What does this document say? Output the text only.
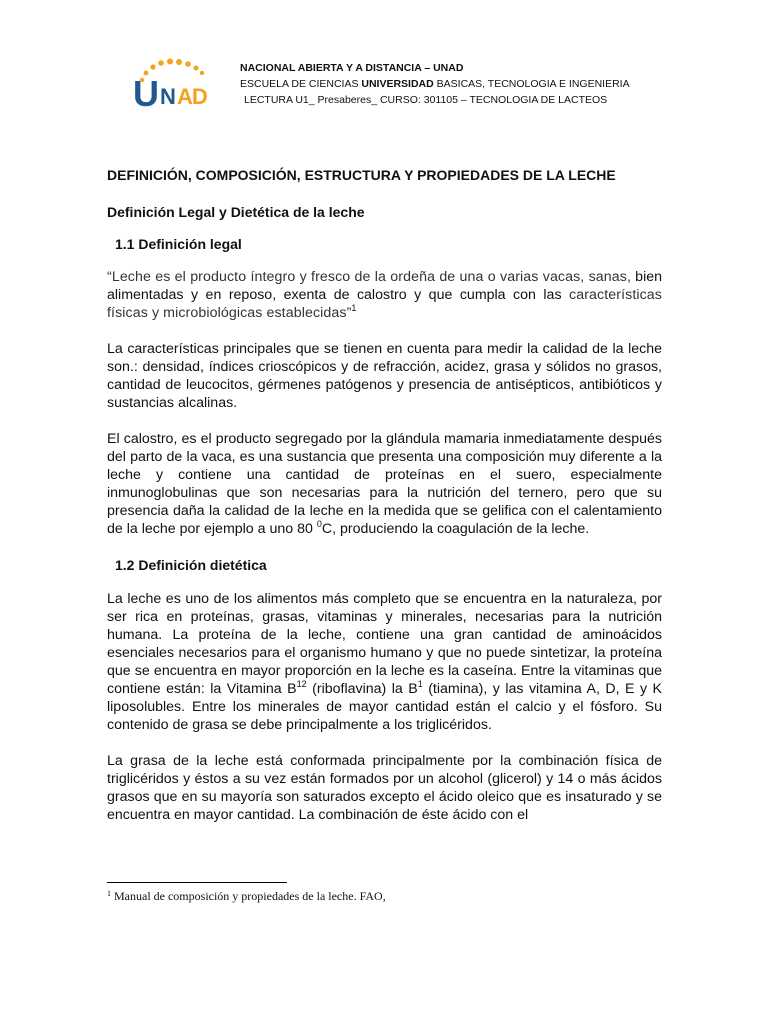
U N AD
NACIONAL ABIERTA Y A DISTANCIA – UNAD
ESCUELA DE CIENCIAS UNIVERSIDAD BASICAS, TECNOLOGIA E INGENIERIA
LECTURA U1_ Presaberes_ CURSO: 301105 – TECNOLOGIA DE LACTEOS
DEFINICIÓN, COMPOSICIÓN, ESTRUCTURA Y PROPIEDADES DE LA LECHE
Definición Legal y Dietética de la leche
1.1 Definición legal

“Leche es el producto íntegro y fresco de la ordeña de una o varias vacas, sanas, bien alimentadas y en reposo, exenta de calostro y que cumpla con las características físicas y microbiológicas establecidas”$^1$

La características principales que se tienen en cuenta para medir la calidad de la leche son.: densidad, índices crioscópicos y de refracción, acidez, grasa y sólidos no grasos, cantidad de leucocitos, gérmenes patógenos y presencia de antisépticos, antibióticos y sustancias alcalinas.

El calostro, es el producto segregado por la glándula mamaria inmediatamente después del parto de la vaca, es una sustancia que presenta una composición muy diferente a la leche y contiene una cantidad de proteínas en el suero, especialmente inmunoglobulinas que son necesarias para la nutrición del ternero, pero que su presencia daña la calidad de la leche en la medida que se gelifica con el calentamiento de la leche por ejemplo a uno 80 $^0$C, produciendo la coagulación de la leche.

1.2 Definición dietética

La leche es uno de los alimentos más completo que se encuentra en la naturaleza, por ser rica en proteínas, grasas, vitaminas y minerales, necesarias para la nutrición humana. La proteína de la leche, contiene una gran cantidad de aminoácidos esenciales necesarios para el organismo humano y que no puede sintetizar, la proteína que se encuentra en mayor proporción en la leche es la caseína. Entre la vitaminas que contiene están: la Vitamina $B^{12}$ (riboflavina) la $B^1$ (tiamina), y las vitamina A, D, E y K liposolubles. Entre los minerales de mayor cantidad están el calcio y el fósforo. Su contenido de grasa se debe principalmente a los triglicéridos.

La grasa de la leche está conformada principalmente por la combinación física de triglicéridos y éstos a su vez están formados por un alcohol (glicerol) y 14 o más ácidos grasos que en su mayoría son saturados excepto el ácido oleico que es insaturado y se encuentra en mayor cantidad. La combinación de éste ácido con el

$^1$ Manual de composición y propiedades de la leche. FAO,
